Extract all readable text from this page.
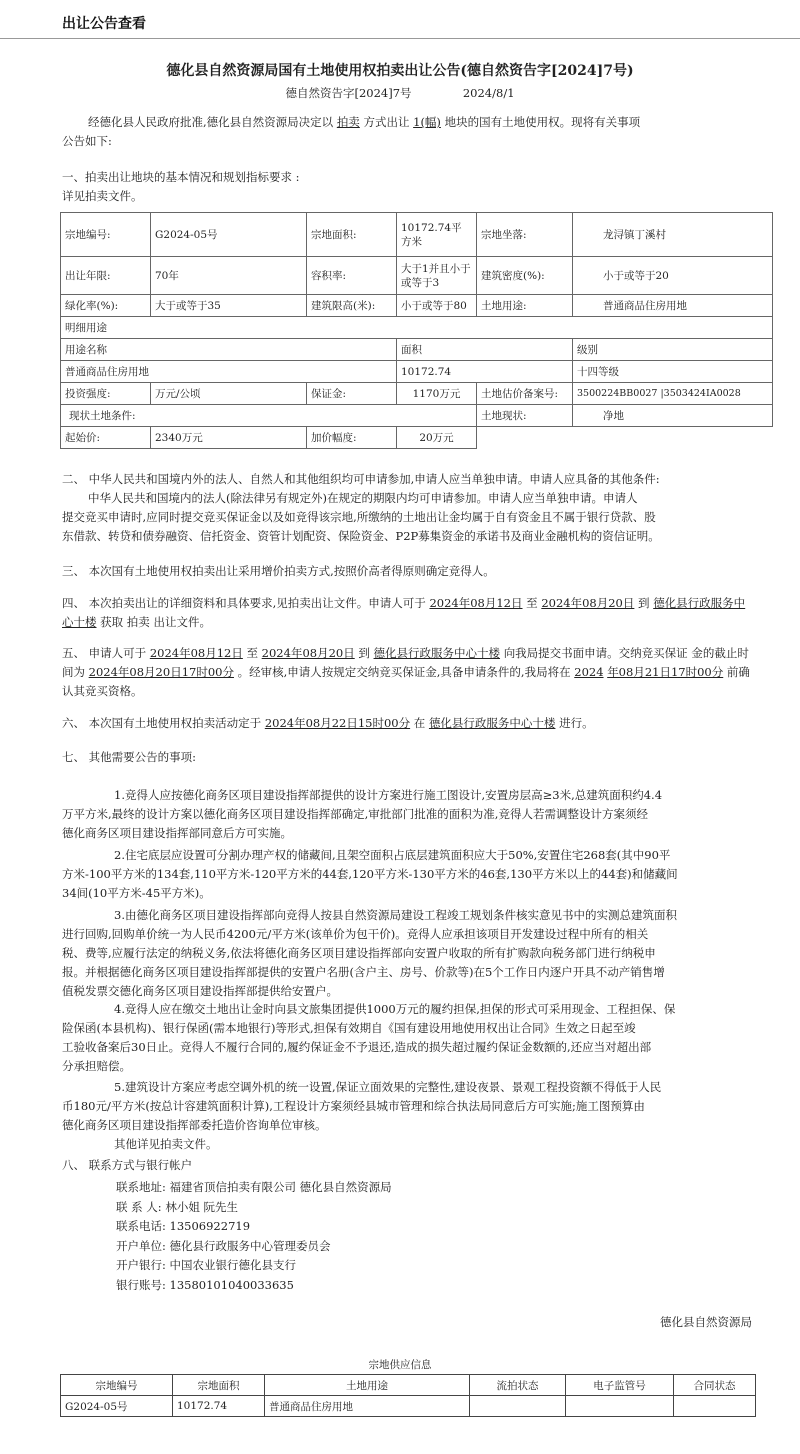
出让公告查看
德化县自然资源局国有土地使用权拍卖出让公告(德自然资告字[2024]7号)
德自然资告字[2024]7号	2024/8/1

经德化县人民政府批准,德化县自然资源局决定以 拍卖 方式出让 1(幅) 地块的国有土地使用权。现将有关事项

公告如下:

一、拍卖出让地块的基本情况和规划指标要求 :

详见拍卖文件。

宗地编号:	G2024-05号	宗地面积:	10172.74平方米	宗地坐落:	龙浔镇丁溪村
出让年限:	70年	容积率:	大于1并且小于或等于3	建筑密度(%):	小于或等于20
绿化率(%):	大于或等于35	建筑限高(米):	小于或等于80	土地用途:	普通商品住房用地
明细用途					
用途名称			面积		级别
普通商品住房用地			10172.74		十四等级
投资强度:	万元/公顷	保证金:	1170万元	土地估价备案号:	3500224BB0027 |3503424IA0028
现状土地条件:				土地现状:	净地
起始价:	2340万元	加价幅度:	20万元		

二、 中华人民共和国境内外的法人、自然人和其他组织均可申请参加,申请人应当单独申请。申请人应具备的其他条件:

中华人民共和国境内的法人(除法律另有规定外)在规定的期限内均可申请参加。申请人应当单独申请。申请人

提交竞买申请时,应同时提交竞买保证金以及如竞得该宗地,所缴纳的土地出让金均属于自有资金且不属于银行贷款、股

东借款、转贷和债券融资、信托资金、资管计划配资、保险资金、P2P募集资金的承诺书及商业金融机构的资信证明。

三、 本次国有土地使用权拍卖出让采用增价拍卖方式,按照价高者得原则确定竞得人。

四、 本次拍卖出让的详细资料和具体要求,见拍卖出让文件。申请人可于 2024年08月12日 至 2024年08月20日 到 德化县行政服务中心十楼 获取 拍卖 出让文件。

五、 申请人可于 2024年08月12日 至 2024年08月20日 到 德化县行政服务中心十楼 向我局提交书面申请。交纳竞买保证 金的截止时间为 2024年08月20日17时00分 。经审核,申请人按规定交纳竞买保证金,具备申请条件的,我局将在 2024 年08月21日17时00分 前确认其竞买资格。

六、 本次国有土地使用权拍卖活动定于 2024年08月22日15时00分 在 德化县行政服务中心十楼 进行。

七、 其他需要公告的事项:

1.竞得人应按德化商务区项目建设指挥部提供的设计方案进行施工图设计,安置房层高≥3米,总建筑面积约4.4

万平方米,最终的设计方案以德化商务区项目建设指挥部确定,审批部门批准的面积为准,竞得人若需调整设计方案须经

德化商务区项目建设指挥部同意后方可实施。

2.住宅底层应设置可分割办理产权的储藏间,且架空面积占底层建筑面积应大于50%,安置住宅268套(其中90平

方米-100平方米的134套,110平方米-120平方米的44套,120平方米-130平方米的46套,130平方米以上的44套)和储藏间

34间(10平方米-45平方米)。

3.由德化商务区项目建设指挥部向竞得人按县自然资源局建设工程竣工规划条件核实意见书中的实测总建筑面积

进行回购,回购单价统一为人民币4200元/平方米(该单价为包干价)。竞得人应承担该项目开发建设过程中所有的相关

税、费等,应履行法定的纳税义务,依法将德化商务区项目建设指挥部向安置户收取的所有扩购款向税务部门进行纳税申

报。并根据德化商务区项目建设指挥部提供的安置户名册(含户主、房号、价款等)在5个工作日内逐户开具不动产销售增

值税发票交德化商务区项目建设指挥部提供给安置户。

4.竞得人应在缴交土地出让金时向县文旅集团提供1000万元的履约担保,担保的形式可采用现金、工程担保、保

险保函(本县机构)、银行保函(需本地银行)等形式,担保有效期自《国有建设用地使用权出让合同》生效之日起至竣

工验收备案后30日止。竞得人不履行合同的,履约保证金不予退还,造成的损失超过履约保证金数额的,还应当对超出部

分承担赔偿。

5.建筑设计方案应考虑空调外机的统一设置,保证立面效果的完整性,建设夜景、景观工程投资额不得低于人民

币180元/平方米(按总计容建筑面积计算),工程设计方案须经县城市管理和综合执法局同意后方可实施;施工图预算由

德化商务区项目建设指挥部委托造价咨询单位审核。

其他详见拍卖文件。

八、 联系方式与银行帐户

联系地址: 福建省顶信拍卖有限公司 德化县自然资源局
联 系 人: 林小姐 阮先生
联系电话: 13506922719
开户单位: 德化县行政服务中心管理委员会
开户银行: 中国农业银行德化县支行
银行账号: 13580101040033635
德化县自然资源局
宗地供应信息
宗地编号	宗地面积	土地用途	流拍状态	电子监管号	合同状态
G2024-05号	10172.74	普通商品住房用地			
